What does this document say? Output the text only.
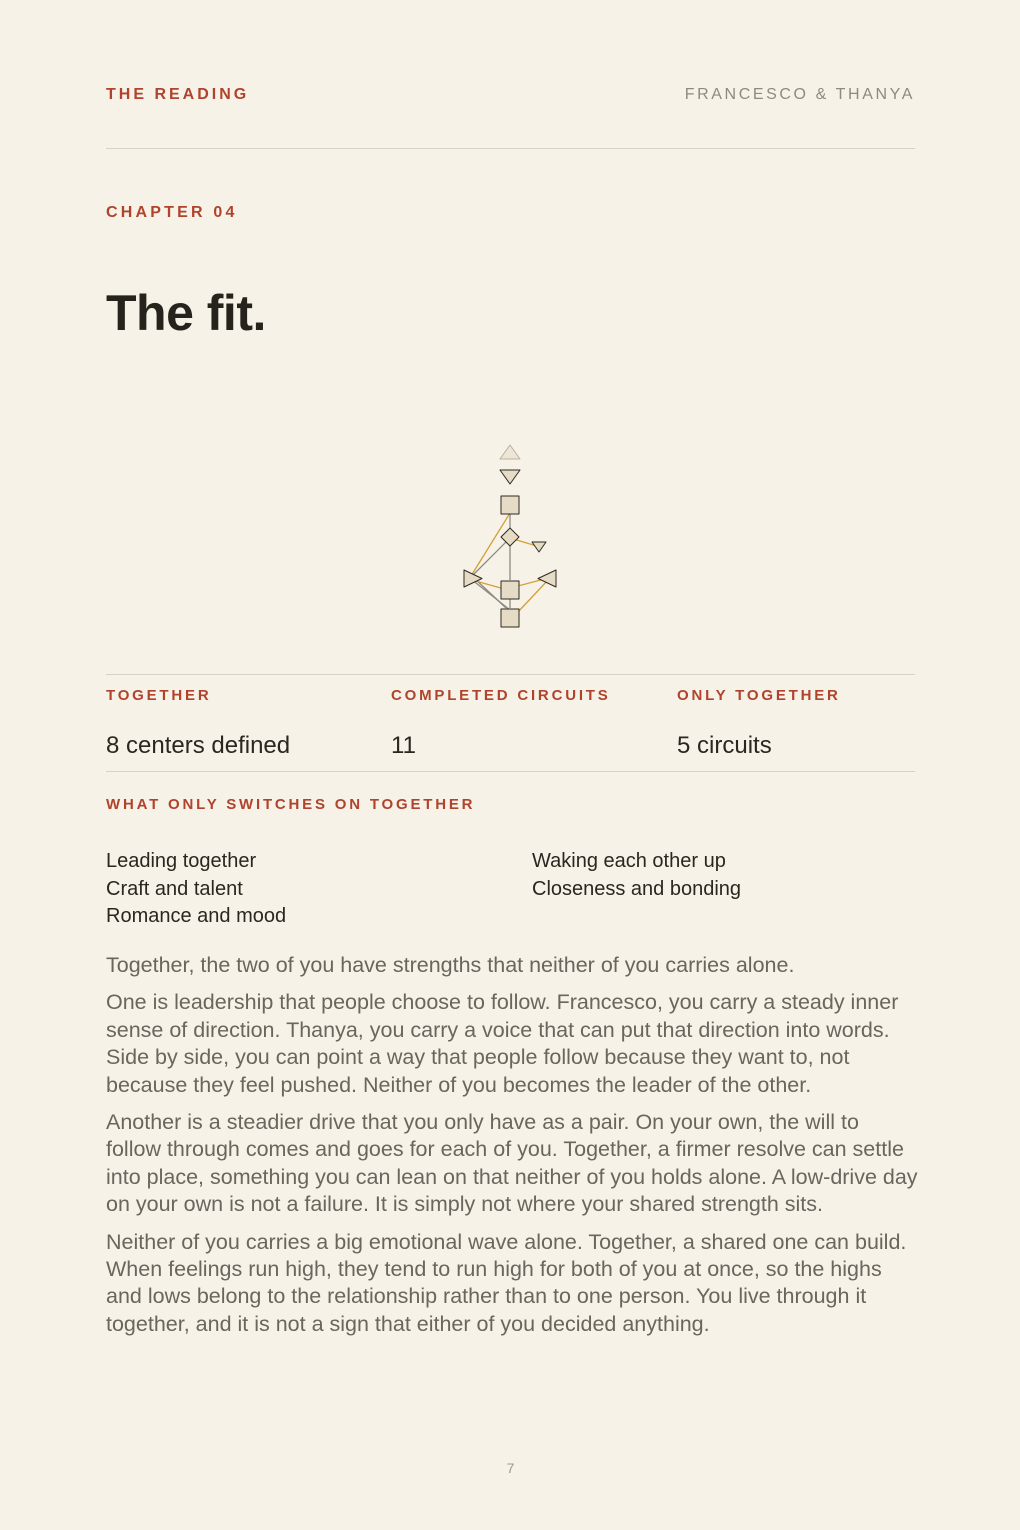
THE READING	FRANCESCO & THANYA
CHAPTER 04
The fit.
TOGETHER
8 centers defined
COMPLETED CIRCUITS
11
ONLY TOGETHER
5 circuits
WHAT ONLY SWITCHES ON TOGETHER
Leading together
Craft and talent
Romance and mood
Waking each other up
Closeness and bonding

Together, the two of you have strengths that neither of you carries alone.

One is leadership that people choose to follow. Francesco, you carry a steady inner sense of direction. Thanya, you carry a voice that can put that direction into words. Side by side, you can point a way that people follow because they want to, not because they feel pushed. Neither of you becomes the leader of the other.

Another is a steadier drive that you only have as a pair. On your own, the will to follow through comes and goes for each of you. Together, a firmer resolve can settle into place, something you can lean on that neither of you holds alone. A low-drive day on your own is not a failure. It is simply not where your shared strength sits.

Neither of you carries a big emotional wave alone. Together, a shared one can build. When feelings run high, they tend to run high for both of you at once, so the highs and lows belong to the relationship rather than to one person. You live through it together, and it is not a sign that either of you decided anything.

7
